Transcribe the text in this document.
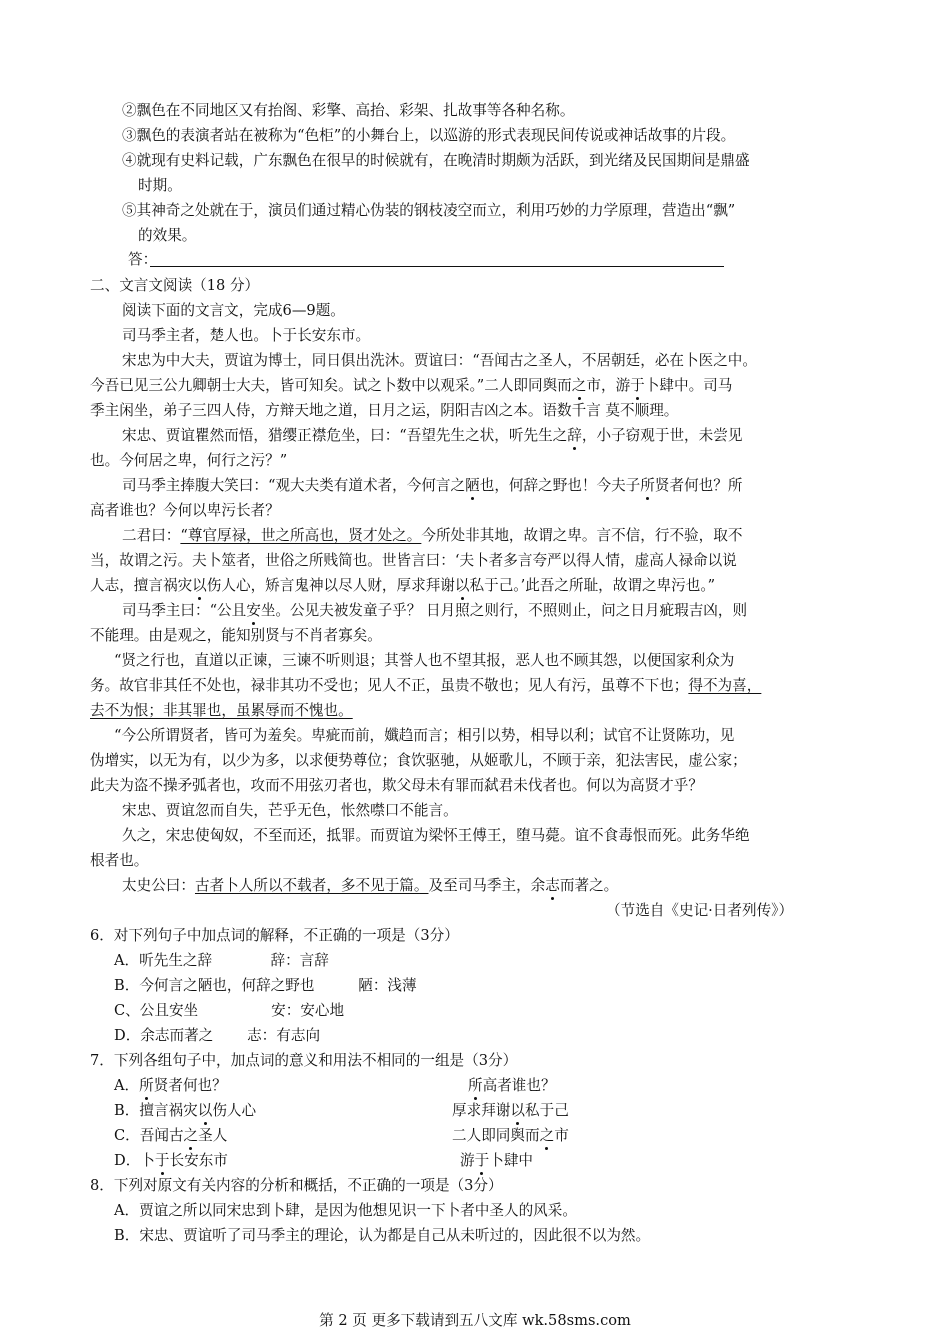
②飘色在不同地区又有抬阁、彩擎、高抬、彩架、扎故事等各种名称。
③飘色的表演者站在被称为“色柜”的小舞台上，以巡游的形式表现民间传说或神话故事的片段。
④就现有史料记载，广东飘色在很早的时候就有，在晚清时期颇为活跃，到光绪及民国期间是鼎盛
时期。
⑤其神奇之处就在于，演员们通过精心伪装的钢枝凌空而立，利用巧妙的力学原理，营造出“飘”
的效果。
答：
二、文言文阅读（18 分）
阅读下面的文言文，完成6—9题。
司马季主者，楚人也。卜于长安东市。
宋忠为中大夫，贾谊为博士，同日俱出洗沐。贾谊曰：“吾闻古之圣人，不居朝廷，必在卜医之中。
今吾已见三公九卿朝士大夫，皆可知矣。试之卜数中以观采。”二人即同舆而之市，游于卜肆中。司马
季主闲坐，弟子三四人侍，方辩天地之道，日月之运，阴阳吉凶之本。语数千言 莫不顺理。
宋忠、贾谊瞿然而悟，猎缨正襟危坐，曰：“吾望先生之状，听先生之辞，小子窃观于世，未尝见
也。今何居之卑，何行之污？”
司马季主捧腹大笑曰：“观大夫类有道术者，今何言之陋也，何辞之野也！今夫子所贤者何也？所
高者谁也？今何以卑污长者？
二君曰：“尊官厚禄，世之所高也，贤才处之。今所处非其地，故谓之卑。言不信，行不验，取不
当，故谓之污。夫卜筮者，世俗之所贱简也。世皆言曰：‘夫卜者多言夸严以得人情，虚高人禄命以说
人志，擅言祸灾以伤人心，矫言鬼神以尽人财，厚求拜谢以私于己。’此吾之所耻，故谓之卑污也。”
司马季主曰：“公且安坐。公见夫被发童子乎？ 日月照之则行，不照则止，问之日月疵瑕吉凶，则
不能理。由是观之，能知别贤与不肖者寡矣。
“贤之行也，直道以正谏，三谏不听则退；其誉人也不望其报，恶人也不顾其怨，以便国家利众为
务。故官非其任不处也，禄非其功不受也；见人不正，虽贵不敬也；见人有污，虽尊不下也；得不为喜，
去不为恨；非其罪也，虽累辱而不愧也。
“今公所谓贤者，皆可为羞矣。卑疵而前，孅趋而言；相引以势，相导以利；试官不让贤陈功，见
伪增实，以无为有，以少为多，以求便势尊位；食饮驱驰，从姬歌儿，不顾于亲，犯法害民，虚公家；
此夫为盗不操矛弧者也，攻而不用弦刃者也，欺父母未有罪而弑君未伐者也。何以为高贤才乎？
宋忠、贾谊忽而自失，芒乎无色，怅然噤口不能言。
久之，宋忠使匈奴，不至而还，抵罪。而贾谊为梁怀王傅王，堕马薨。谊不食毒恨而死。此务华绝
根者也。
太史公曰：古者卜人所以不载者，多不见于篇。及至司马季主，余志而著之。
（节选自《史记·日者列传》）
6．对下列句子中加点词的解释，不正确的一项是（3分）
A．听先生之辞　　　　辞：言辞
B．今何言之陋也，何辞之野也　　　陋：浅薄
C、公且安坐　　　　　安：安心地
D．余志而著之　　 志：有志向
7．下列各组句子中，加点词的意义和用法不相同的一组是（3分）
A．所贤者何也？	所高者谁也？
B．擅言祸灾以伤人心	厚求拜谢以私于己
C．吾闻古之圣人	二人即同舆而之市
D．卜于长安东市	游于卜肆中
8．下列对原文有关内容的分析和概括，不正确的一项是（3分）
A．贾谊之所以同宋忠到卜肆，是因为他想见识一下卜者中圣人的风采。
B．宋忠、贾谊听了司马季主的理论，认为都是自己从未听过的，因此很不以为然。
第 2 页 更多下载请到五八文库 wk.58sms.com
